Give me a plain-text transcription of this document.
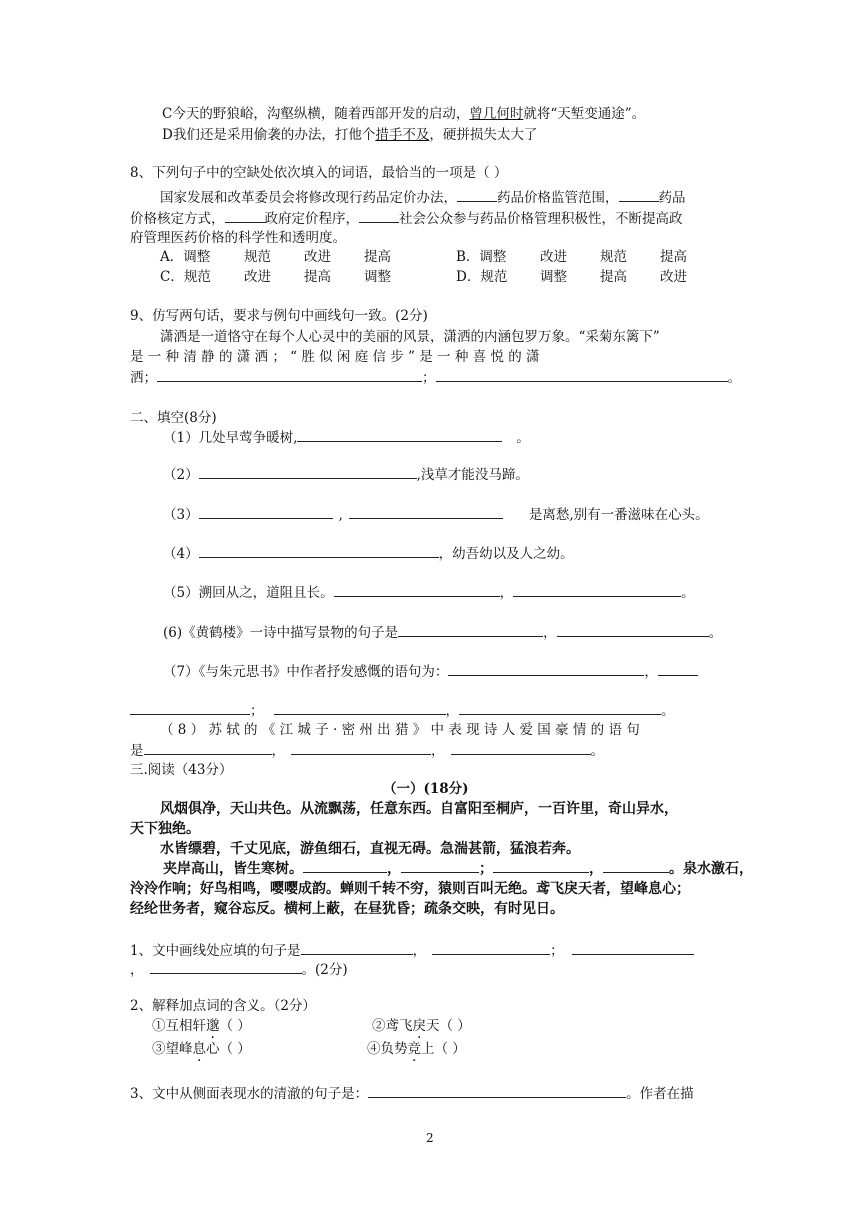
C今天的野狼峪，沟壑纵横，随着西部开发的启动，曾几何时就将“天堑变通途”。
D我们还是采用偷袭的办法，打他个措手不及，硬拼损失太大了
8、下列句子中的空缺处依次填入的词语，最恰当的一项是（ ）
国家发展和改革委员会将修改现行药品定价办法，	药品价格监管范围，	药品
价格核定方式，	政府定价程序，	社会公众参与药品价格管理积极性，不断提高政
府管理医药价格的科学性和透明度。
A．调整	规范 改进 提高	B．调整 改进 规范 提高
C．规范 改进 提高 调整	D．规范 调整 提高 改进
9、仿写两句话，要求与例句中画线句一致。(2分)
潇洒是一道恪守在每个人心灵中的美丽的风景，潇洒的内涵包罗万象。“采菊东篱下”
是 一 种 清 静 的 潇 洒 ； “ 胜 似 闲 庭 信 步 ” 是 一 种 喜 悦 的 潇
洒；	；	。
二、填空(8分)
（1）几处早莺争暖树,	。
（2）	,浅草才能没马蹄。
（3）	,	是离愁,别有一番滋味在心头。
（4）	，幼吾幼以及人之幼。
（5）溯回从之，道阻且长。	，	。
(6)《黄鹤楼》一诗中描写景物的句子是	，	。
（7）《与朱元思书》中作者抒发感慨的语句为：	，
；	，	。
（ 8 ） 苏 轼 的 《 江 城 子 · 密 州 出 猎 》 中 表 现 诗 人 爱 国 豪 情 的 语 句
是	，	，	。
三.阅读（43分）
（一）(18分)
风烟俱净，天山共色。从流飘荡，任意东西。自富阳至桐庐，一百许里，奇山异水，
天下独绝。
水皆缥碧，千丈见底，游鱼细石，直视无碍。急湍甚箭，猛浪若奔。
夹岸高山，皆生寒树。	，	；	，	。泉水激石，
泠泠作响；好鸟相鸣，嘤嘤成韵。蝉则千转不穷，猿则百叫无绝。鸢飞戾天者，望峰息心；
经纶世务者，窥谷忘反。横柯上蔽，在昼犹昏；疏条交映，有时见日。
1、文中画线处应填的句子是	，	；
，	。(2分)
2、解释加点词的含义。（2分）
①互相轩邈（ ）	②鸢飞戾天（ ）
③望峰息心（ ）	④负势竞上（ ）
3、文中从侧面表现水的清澈的句子是：	。作者在描
2
